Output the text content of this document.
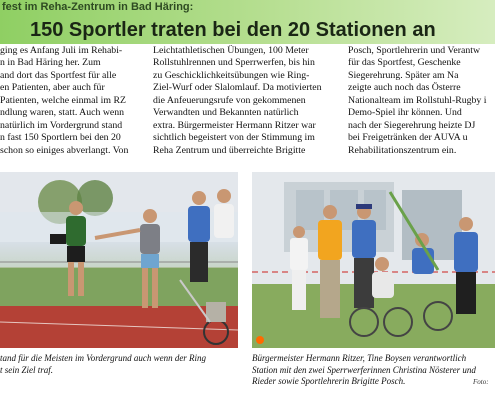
fest im Reha-Zentrum in Bad Häring:
150 Sportler traten bei den 20 Stationen an
ging es Anfang Juli im Rehabi-
n in Bad Häring her. Zum
and dort das Sportfest für alle
en Patienten, aber auch für
Patienten, welche einmal im RZ
ndlung waren, statt. Auch wenn
natürlich im Vordergrund stand
n fast 150 Sportlern bei den 20
schon so einiges abverlangt. Von
Leichtathletischen Übungen, 100 Meter
Rollstuhlrennen und Sperrwerfen, bis hin
zu Geschicklichkeitsübungen wie Ring-
Ziel-Wurf oder Slalomlauf. Da motivierten
die Anfeuerungsrufe von gekommenen
Verwandten und Bekannten natürlich
extra. Bürgermeister Hermann Ritzer war
sichtlich begeistert von der Stimmung im
Reha Zentrum und überreichte Brigitte
Posch, Sportlehrerin und Verantw
für das Sportfest, Geschenke
Siegerehrung. Später am Na
zeigte auch noch das Österre
Nationalteam im Rollstuhl-Rugby i
Demo-Spiel ihr können. Und
nach der Siegerehrung heizte DJ
bei Freigetränken der AUVA u
Rehabilitationszentrum ein.
tand für die Meisten im Vordergrund auch wenn der Ring
t sein Ziel traf.
Bürgermeister Hermann Ritzer, Tine Boysen verantwortlich
Station mit den zwei Sperrwerferinnen Christina Nösterer und
Rieder sowie Sportlehrerin Brigitte Posch.	Foto:
